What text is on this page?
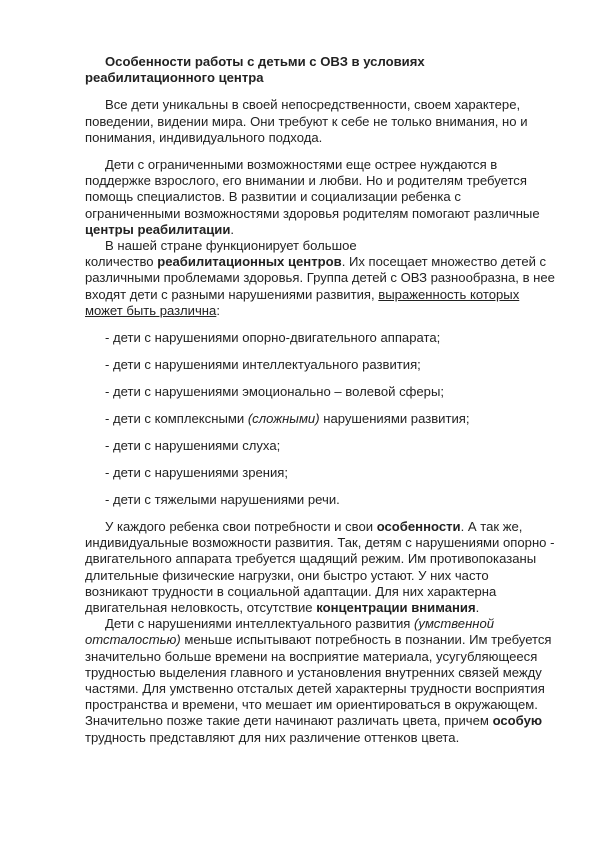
Особенности работы с детьми с ОВЗ в условиях
реабилитационного центра

Все дети уникальны в своей непосредственности, своем характере, поведении, видении мира. Они требуют к себе не только внимания, но и понимания, индивидуального подхода.

Дети с ограниченными возможностями еще острее нуждаются в поддержке взрослого, его внимании и любви. Но и родителям требуется помощь специалистов. В развитии и социализации ребенка с ограниченными возможностями здоровья родителям помогают различные центры реабилитации.

В нашей стране функционирует большое
количество реабилитационных центров. Их посещает множество детей с различными проблемами здоровья. Группа детей с ОВЗ разнообразна, в нее входят дети с разными нарушениями развития, выраженность которых может быть различна:

- дети с нарушениями опорно-двигательного аппарата;
- дети с нарушениями интеллектуального развития;
- дети с нарушениями эмоционально – волевой сферы;
- дети с комплексными (сложными) нарушениями развития;
- дети с нарушениями слуха;
- дети с нарушениями зрения;
- дети с тяжелыми нарушениями речи.

У каждого ребенка свои потребности и свои особенности. А так же, индивидуальные возможности развития. Так, детям с нарушениями опорно - двигательного аппарата требуется щадящий режим. Им противопоказаны длительные физические нагрузки, они быстро устают. У них часто возникают трудности в социальной адаптации. Для них характерна двигательная неловкость, отсутствие концентрации внимания.

Дети с нарушениями интеллектуального развития (умственной отсталостью) меньше испытывают потребность в познании. Им требуется значительно больше времени на восприятие материала, усугубляющееся трудностью выделения главного и установления внутренних связей между частями. Для умственно отсталых детей характерны трудности восприятия пространства и времени, что мешает им ориентироваться в окружающем. Значительно позже такие дети начинают различать цвета, причем особую трудность представляют для них различение оттенков цвета.
